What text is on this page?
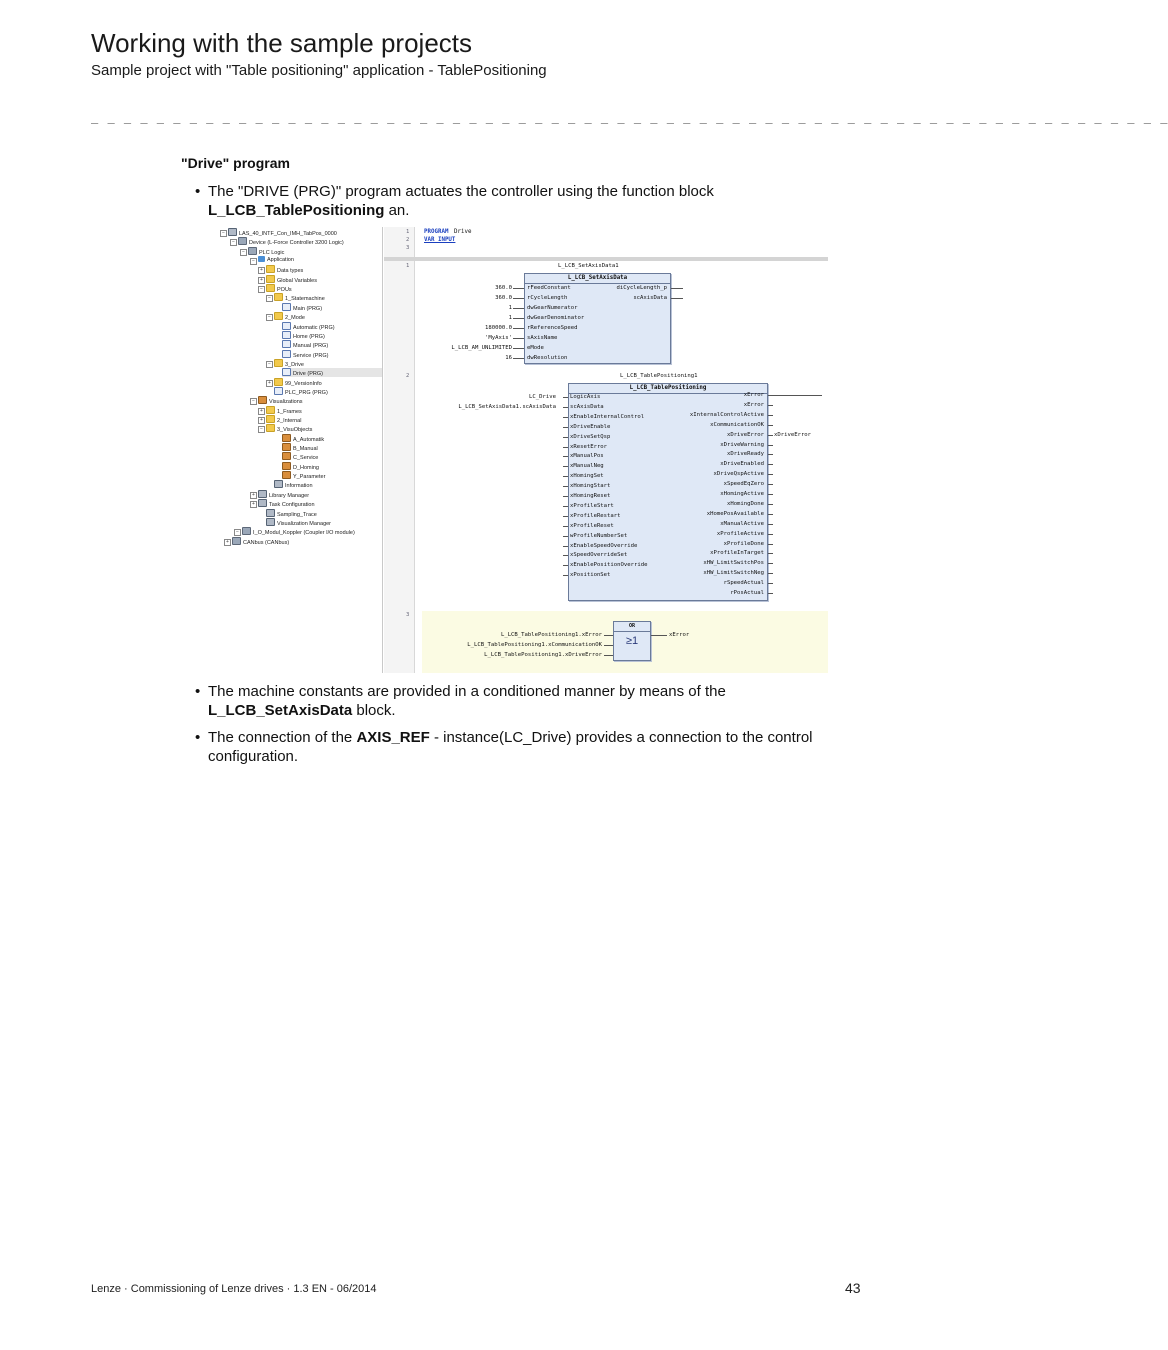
Working with the sample projects
Sample project with "Table positioning" application - TablePositioning
_ _ _ _ _ _ _ _ _ _ _ _ _ _ _ _ _ _ _ _ _ _ _ _ _ _ _ _ _ _ _ _ _ _ _ _ _ _ _ _ _ _ _ _ _ _ _ _ _ _ _ _ _ _ _ _ _ _ _ _ _ _ _ _ _ _
"Drive" program
• The "DRIVE (PRG)" program actuates the controller using the function block L_LCB_TablePositioning an.
LAS_40_INTF_Con_IMH_TabPos_0000
−
Device (L-Force Controller 3200 Logic)
−
PLC Logic
−
Application
−
Data types
+
Global Variables
+
POUs
−
1_Statemachine
−
Main (PRG)
2_Mode
−
Automatic (PRG)
Home (PRG)
Manual (PRG)
Service (PRG)
3_Drive
−
Drive (PRG)
99_VersionInfo
+
PLC_PRG (PRG)
Visualizations
−
1_Frames
+
2_Internal
+
3_VisuObjects
−
A_Automatik
B_Manual
C_Service
D_Homing
Y_Parameter
Information
Library Manager
+
Task Configuration
+
Sampling_Trace
Visualization Manager
I_O_Modul_Koppler (Coupler I/O module)
−
CANbus (CANbus)
+
1
2
3
PROGRAM Drive
VAR_INPUT
1
2
3
L_LCB_SetAxisData1
L_LCB_SetAxisData
360.0	rFeedConstant
360.0	rCycleLength
1	dwGearNumerator
1	dwGearDenominator
180000.0	rReferenceSpeed
'MyAxis'	sAxisName
L_LCB_AM_UNLIMITED	eMode
16	dwResolution
diCycleLength_p
scAxisData
L_LCB_TablePositioning1
L_LCB_TablePositioning
LogicAxis
scAxisData
xEnableInternalControl
xDriveEnable
xDriveSetQsp
xResetError
xManualPos
xManualNeg
xHomingSet
xHomingStart
xHomingReset
xProfileStart
xProfileRestart
xProfileReset
wProfileNumberSet
xEnableSpeedOverride
xSpeedOverrideSet
xEnablePositionOverride
xPositionSet
LC_Drive
L_LCB_SetAxisData1.scAxisData
xError
xError
xInternalControlActive
xCommunicationOK
xDriveError
xDriveWarning
xDriveReady
xDriveEnabled
xDriveQspActive
xSpeedEqZero
xHomingActive
xHomingDone
xHomePosAvailable
xManualActive
xProfileActive
xProfileDone
xProfileInTarget
xHW_LimitSwitchPos
xHW_LimitSwitchNeg
rSpeedActual
rPosActual
xDriveError
OR
≥1
L_LCB_TablePositioning1.xError
L_LCB_TablePositioning1.xCommunicationOK
L_LCB_TablePositioning1.xDriveError
xError
• The machine constants are provided in a conditioned manner by means of the L_LCB_SetAxisData block.
• The connection of the AXIS_REF - instance(LC_Drive) provides a connection to the control configuration.
Lenze · Commissioning of Lenze drives · 1.3 EN - 06/2014	43
